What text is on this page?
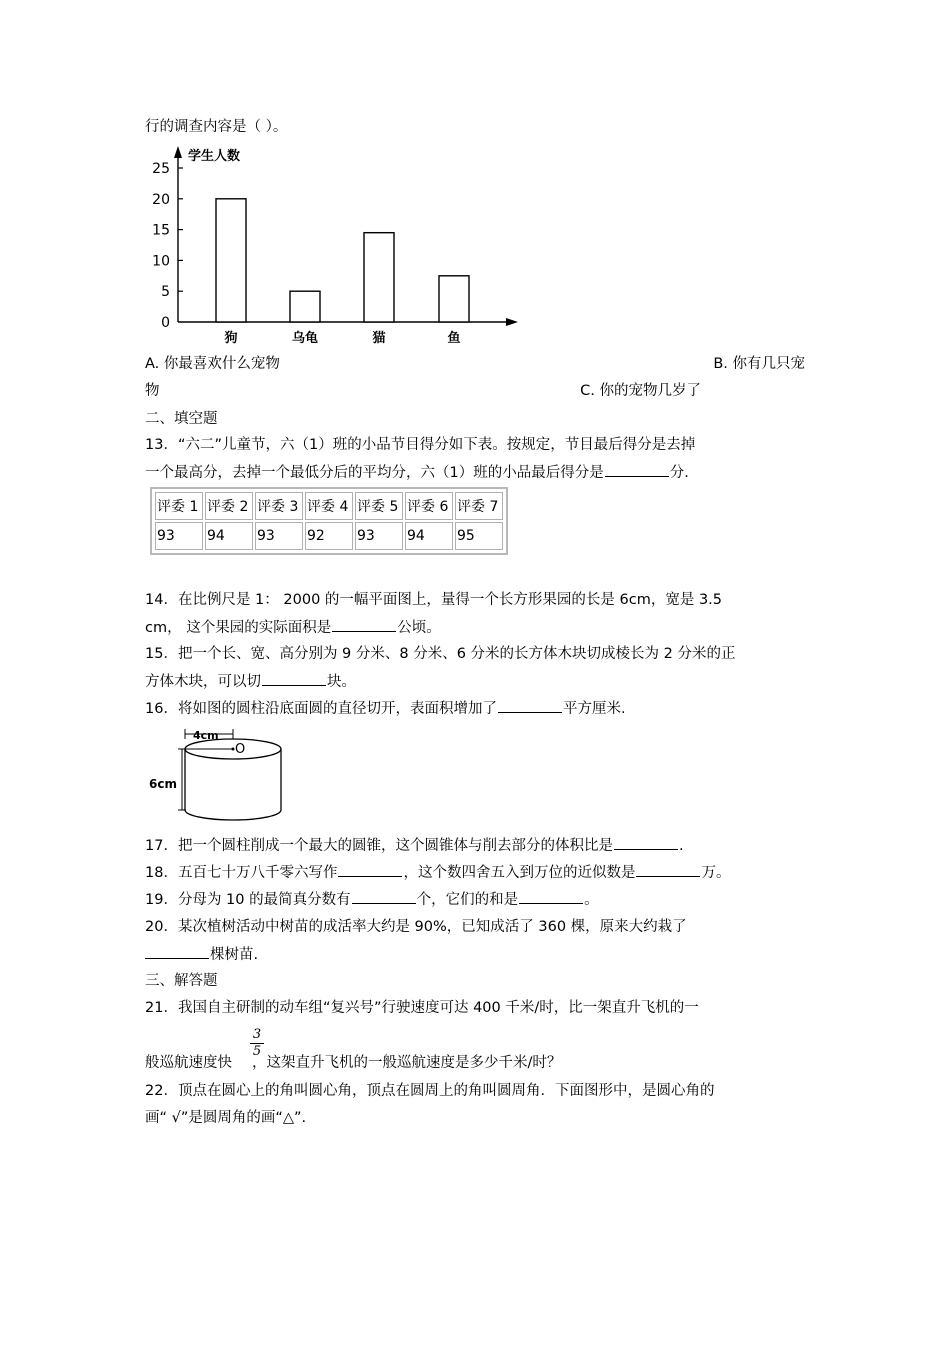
行的调查内容是（ ）。
学生人数
0
5
10
15
20
25
狗	乌龟	猫	鱼
A. 你最喜欢什么宠物	B. 你有几只宠
物	C. 你的宠物几岁了
二、填空题
13．“六二”儿童节，六（1）班的小品节目得分如下表。按规定，节目最后得分是去掉
一个最高分，去掉一个最低分后的平均分，六（1）班的小品最后得分是	分.
评委 1	评委 2	评委 3	评委 4	评委 5	评委 6	评委 7
93	94	93	92	93	94	95
14．在比例尺是 1： 2000 的一幅平面图上，量得一个长方形果园的长是 6cm，宽是 3.5
cm， 这个果园的实际面积是	公顷。
15．把一个长、宽、高分别为 9 分米、8 分米、6 分米的长方体木块切成棱长为 2 分米的正
方体木块，可以切	块。
16．将如图的圆柱沿底面圆的直径切开，表面积增加了	平方厘米.
4cm
O
6cm
17．把一个圆柱削成一个最大的圆锥，这个圆锥体与削去部分的体积比是	.
18．五百七十万八千零六写作	，这个数四舍五入到万位的近似数是	万。
19．分母为 10 的最简真分数有	个，它们的和是	。
20．某次植树活动中树苗的成活率大约是 90%，已知成活了 360 棵，原来大约栽了
棵树苗.
三、解答题
21．我国自主研制的动车组“复兴号”行驶速度可达 400 千米/时，比一架直升飞机的一
3
5
般巡航速度快 ，这架直升飞机的一般巡航速度是多少千米/时？
22．顶点在圆心上的角叫圆心角，顶点在圆周上的角叫圆周角．下面图形中，是圆心角的
画“ √”是圆周角的画“△”.
